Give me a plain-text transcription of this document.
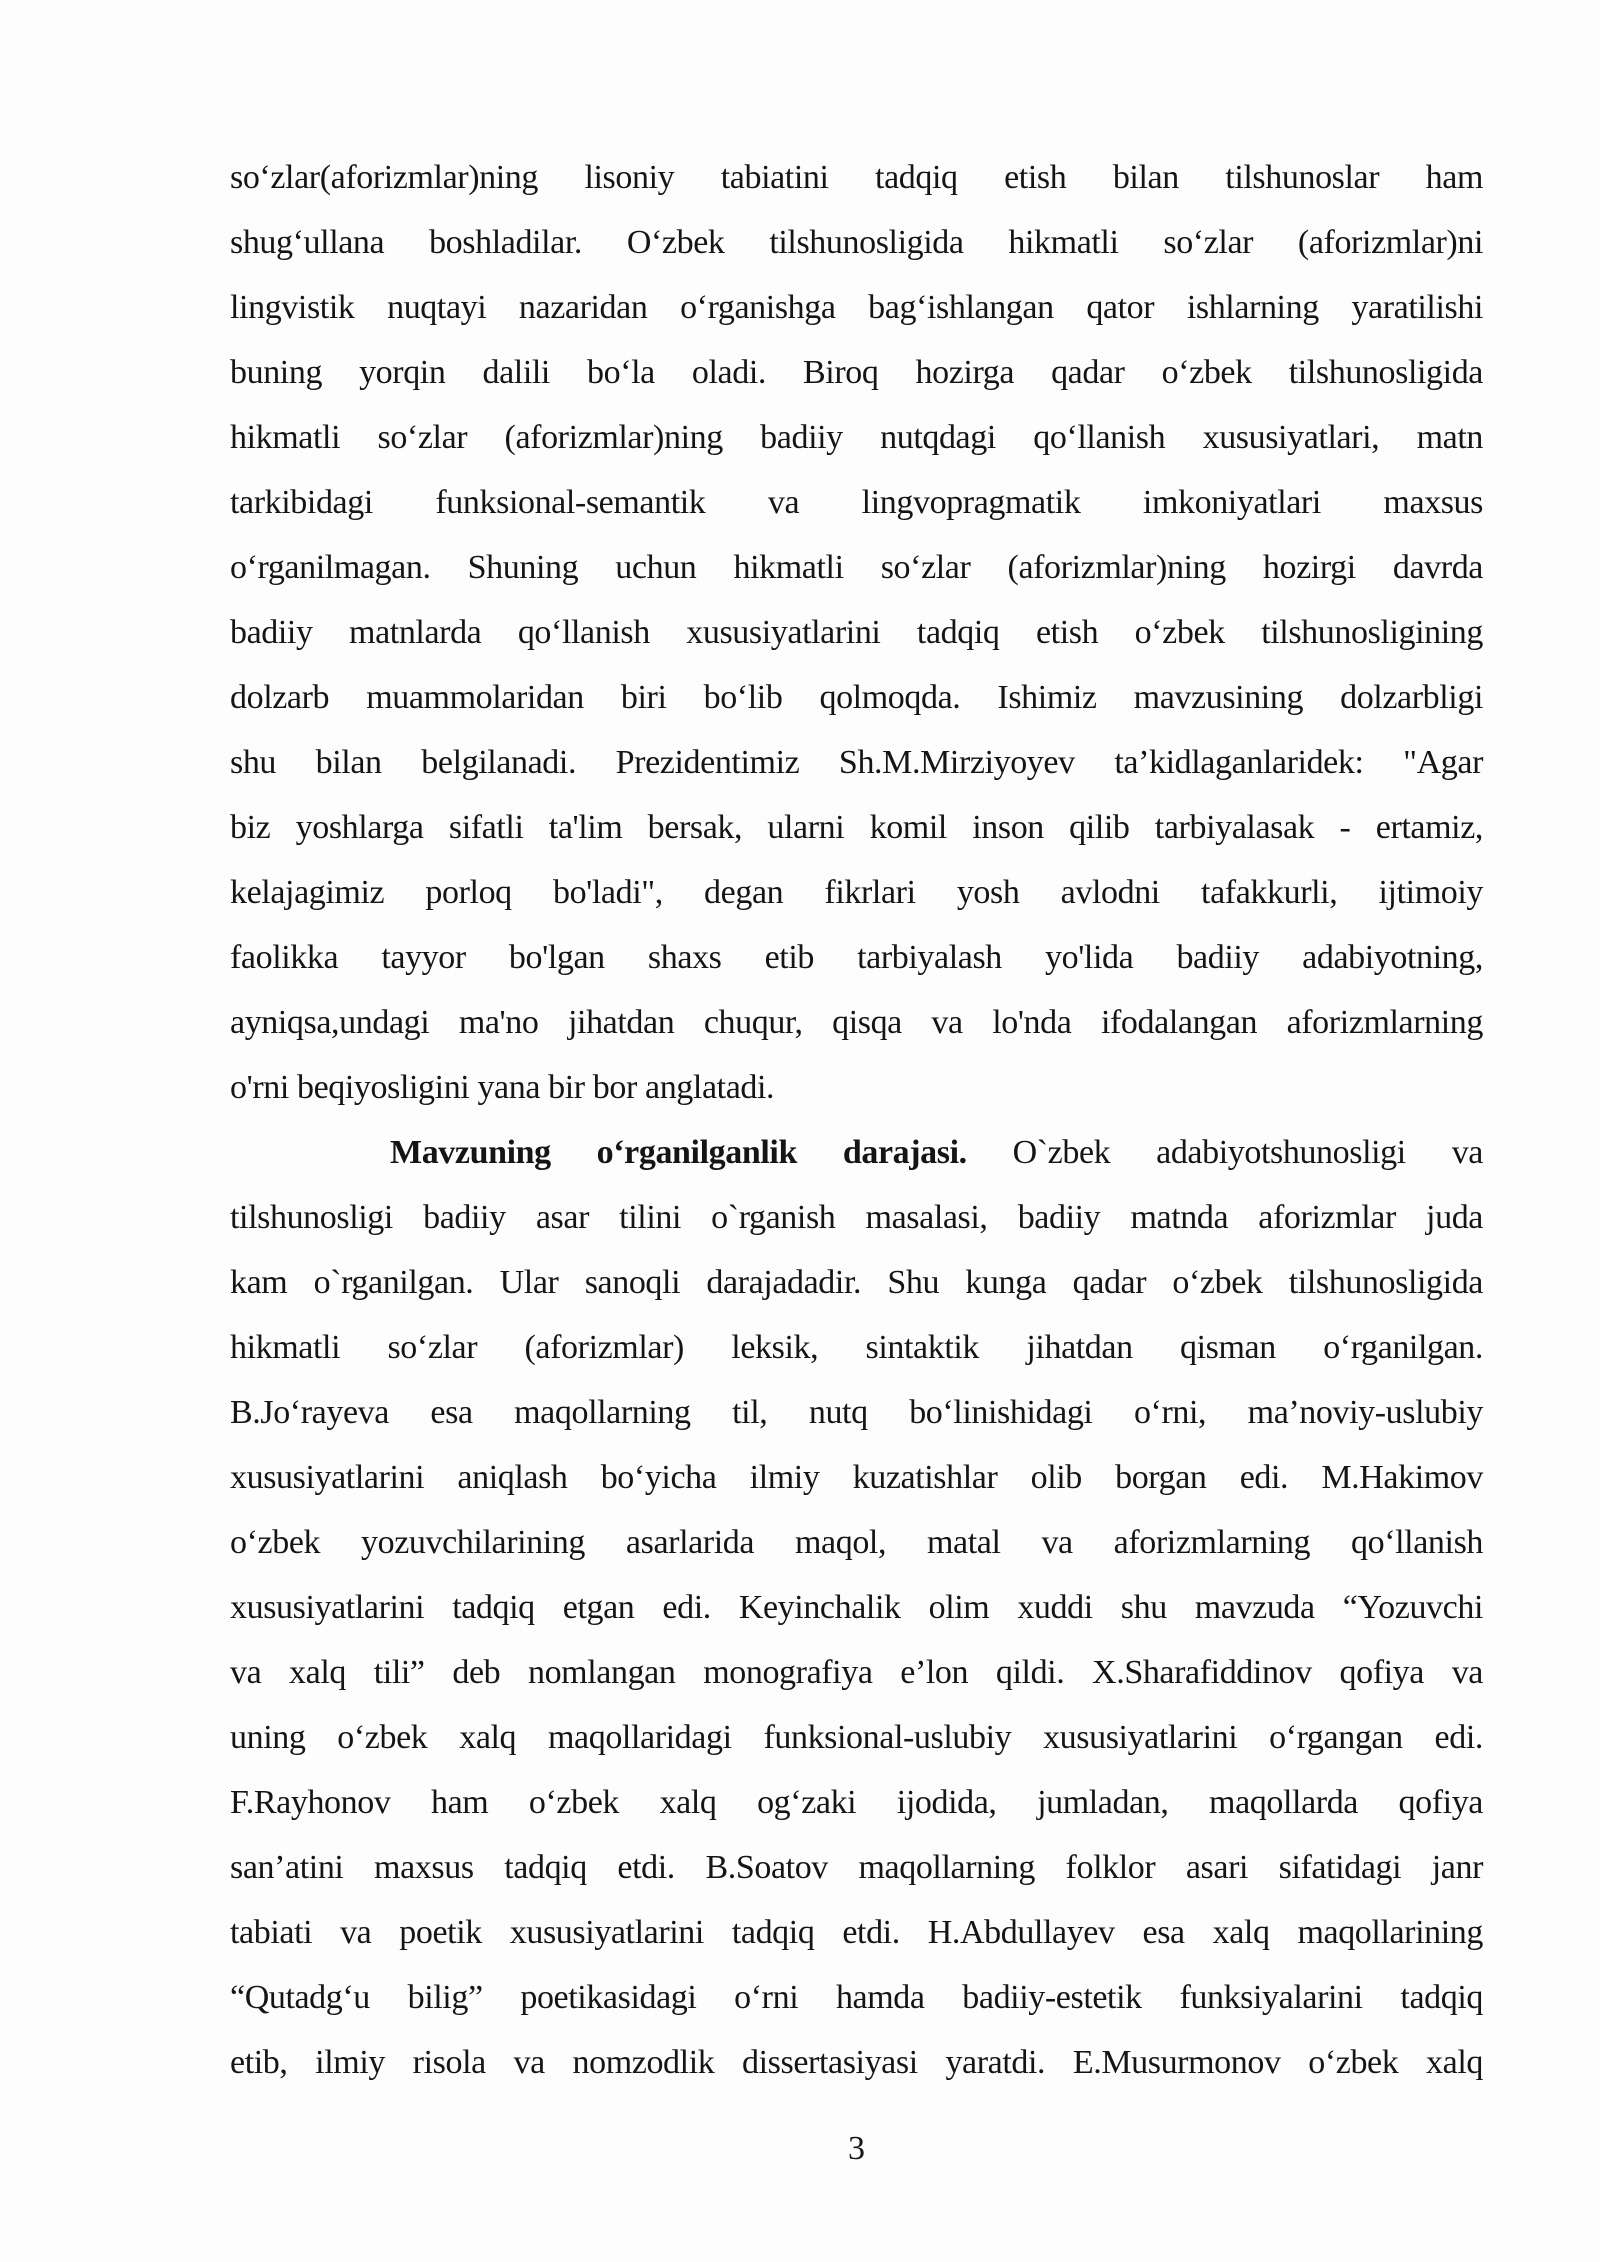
so‘zlar(aforizmlar)ning lisoniy tabiatini tadqiq etish bilan tilshunoslar ham
shug‘ullana boshladilar. O‘zbek tilshunosligida hikmatli so‘zlar (aforizmlar)ni
lingvistik nuqtayi nazaridan o‘rganishga bag‘ishlangan qator ishlarning yaratilishi
buning yorqin dalili bo‘la oladi. Biroq hozirga qadar o‘zbek tilshunosligida
hikmatli so‘zlar (aforizmlar)ning badiiy nutqdagi qo‘llanish xususiyatlari, matn
tarkibidagi funksional-semantik va lingvopragmatik imkoniyatlari maxsus
o‘rganilmagan. Shuning uchun hikmatli so‘zlar (aforizmlar)ning hozirgi davrda
badiiy matnlarda qo‘llanish xususiyatlarini tadqiq etish o‘zbek tilshunosligining
dolzarb muammolaridan biri bo‘lib qolmoqda. Ishimiz mavzusining dolzarbligi
shu bilan belgilanadi. Prezidentimiz Sh.M.Mirziyoyev ta’kidlaganlaridek: "Agar
biz yoshlarga sifatli ta'lim bersak, ularni komil inson qilib tarbiyalasak - ertamiz,
kelajagimiz porloq bo'ladi", degan fikrlari yosh avlodni tafakkurli, ijtimoiy
faolikka tayyor bo'lgan shaxs etib tarbiyalash yo'lida badiiy adabiyotning,
ayniqsa,undagi ma'no jihatdan chuqur, qisqa va lo'nda ifodalangan aforizmlarning
o'rni beqiyosligini yana bir bor anglatadi.
Mavzuning o‘rganilganlik darajasi. O`zbek adabiyotshunosligi va
tilshunosligi badiiy asar tilini o`rganish masalasi, badiiy matnda aforizmlar juda
kam o`rganilgan. Ular sanoqli darajadadir. Shu kunga qadar o‘zbek tilshunosligida
hikmatli so‘zlar (aforizmlar) leksik, sintaktik jihatdan qisman o‘rganilgan.
B.Jo‘rayeva esa maqollarning til, nutq bo‘linishidagi o‘rni, ma’noviy-uslubiy
xususiyatlarini aniqlash bo‘yicha ilmiy kuzatishlar olib borgan edi. M.Hakimov
o‘zbek yozuvchilarining asarlarida maqol, matal va aforizmlarning qo‘llanish
xususiyatlarini tadqiq etgan edi. Keyinchalik olim xuddi shu mavzuda “Yozuvchi
va xalq tili” deb nomlangan monografiya e’lon qildi. X.Sharafiddinov qofiya va
uning o‘zbek xalq maqollaridagi funksional-uslubiy xususiyatlarini o‘rgangan edi.
F.Rayhonov ham o‘zbek xalq og‘zaki ijodida, jumladan, maqollarda qofiya
san’atini maxsus tadqiq etdi. B.Soatov maqollarning folklor asari sifatidagi janr
tabiati va poetik xususiyatlarini tadqiq etdi. H.Abdullayev esa xalq maqollarining
“Qutadg‘u bilig” poetikasidagi o‘rni hamda badiiy-estetik funksiyalarini tadqiq
etib, ilmiy risola va nomzodlik dissertasiyasi yaratdi. E.Musurmonov o‘zbek xalq
3
